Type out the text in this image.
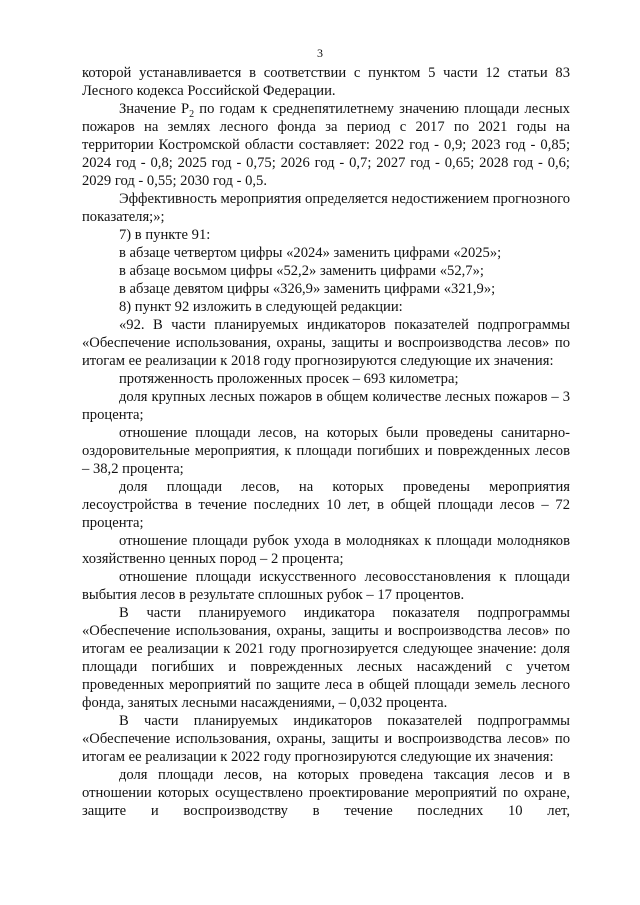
3

которой устанавливается в соответствии с пунктом 5 части 12 статьи 83 Лесного кодекса Российской Федерации.

Значение $Р_2$ по годам к среднепятилетнему значению площади лесных пожаров на землях лесного фонда за период с 2017 по 2021 годы на территории Костромской области составляет: 2022 год - 0,9; 2023 год - 0,85; 2024 год - 0,8; 2025 год - 0,75; 2026 год - 0,7; 2027 год - 0,65; 2028 год - 0,6; 2029 год - 0,55; 2030 год - 0,5.

Эффективность мероприятия определяется недостижением прогнозного показателя;»;

7) в пункте 91:

в абзаце четвертом цифры «2024» заменить цифрами «2025»;

в абзаце восьмом цифры «52,2» заменить цифрами «52,7»;

в абзаце девятом цифры «326,9» заменить цифрами «321,9»;

8) пункт 92 изложить в следующей редакции:

«92. В части планируемых индикаторов показателей подпрограммы «Обеспечение использования, охраны, защиты и воспроизводства лесов» по итогам ее реализации к 2018 году прогнозируются следующие их значения:

протяженность проложенных просек – 693 километра;

доля крупных лесных пожаров в общем количестве лесных пожаров – 3 процента;

отношение площади лесов, на которых были проведены санитарно-оздоровительные мероприятия, к площади погибших и поврежденных лесов – 38,2 процента;

доля площади лесов, на которых проведены мероприятия лесоустройства в течение последних 10 лет, в общей площади лесов – 72 процента;

отношение площади рубок ухода в молодняках к площади молодняков хозяйственно ценных пород – 2 процента;

отношение площади искусственного лесовосстановления к площади выбытия лесов в результате сплошных рубок – 17 процентов.

В части планируемого индикатора показателя подпрограммы «Обеспечение использования, охраны, защиты и воспроизводства лесов» по итогам ее реализации к 2021 году прогнозируется следующее значение: доля площади погибших и поврежденных лесных насаждений с учетом проведенных мероприятий по защите леса в общей площади земель лесного фонда, занятых лесными насаждениями, – 0,032 процента.

В части планируемых индикаторов показателей подпрограммы «Обеспечение использования, охраны, защиты и воспроизводства лесов» по итогам ее реализации к 2022 году прогнозируются следующие их значения:

доля площади лесов, на которых проведена таксация лесов и в отношении которых осуществлено проектирование мероприятий по охране, защите и воспроизводству в течение последних 10 лет,
